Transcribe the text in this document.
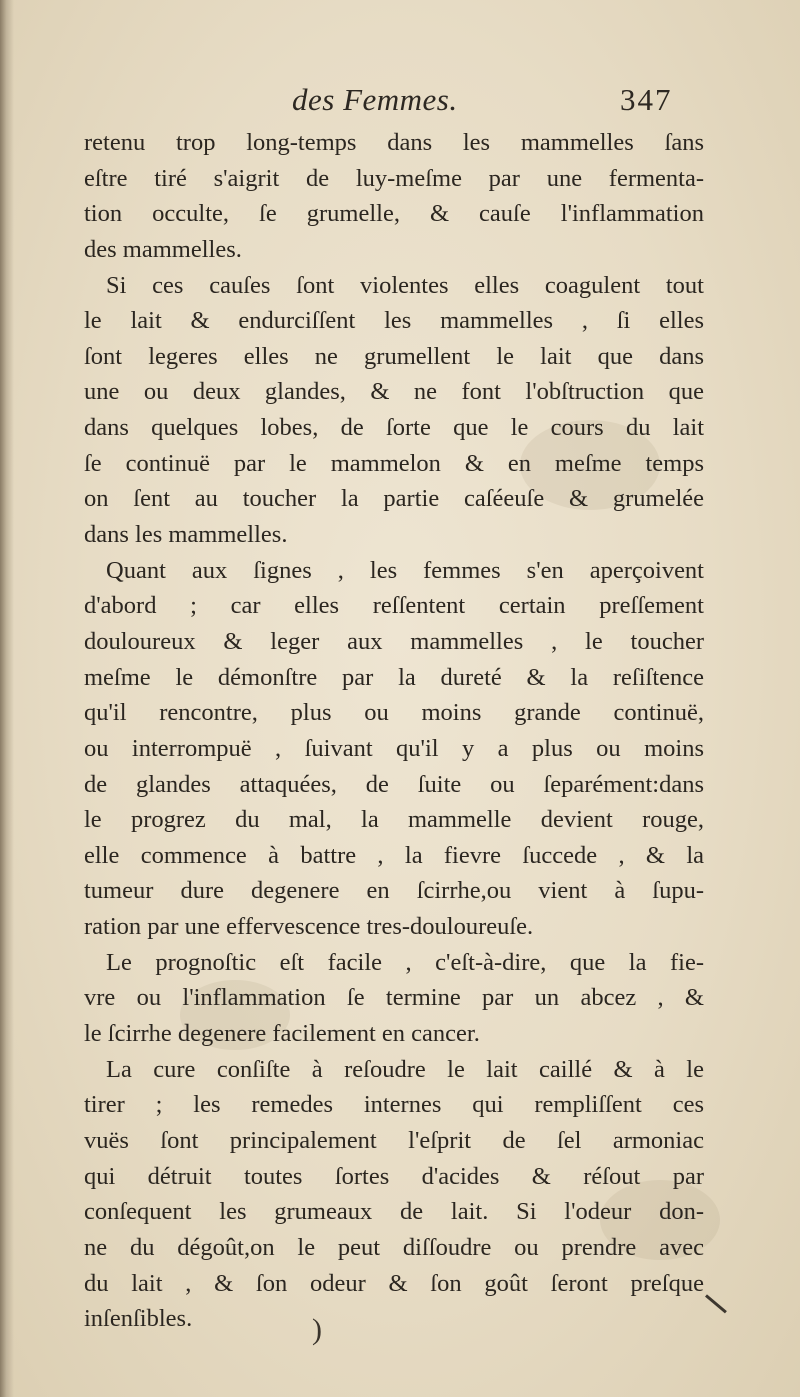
des Femmes.	347
retenu trop long-temps dans les mammelles ſans
eſtre tiré s'aigrit de luy-meſme par une fermenta-
tion occulte, ſe grumelle, & cauſe l'inflammation
des mammelles.
Si ces cauſes ſont violentes elles coagulent tout
le lait & endurciſſent les mammelles , ſi elles
ſont legeres elles ne grumellent le lait que dans
une ou deux glandes, & ne font l'obſtruction que
dans quelques lobes, de ſorte que le cours du lait
ſe continuë par le mammelon & en meſme temps
on ſent au toucher la partie caſéeuſe & grumelée
dans les mammelles.
Quant aux ſignes , les femmes s'en aperçoivent
d'abord ; car elles reſſentent certain preſſement
douloureux & leger aux mammelles , le toucher
meſme le démonſtre par la dureté & la reſiſtence
qu'il rencontre, plus ou moins grande continuë,
ou interrompuë , ſuivant qu'il y a plus ou moins
de glandes attaquées, de ſuite ou ſeparément:dans
le progrez du mal, la mammelle devient rouge,
elle commence à battre , la fievre ſuccede , & la
tumeur dure degenere en ſcirrhe,ou vient à ſupu-
ration par une effervescence tres-douloureuſe.
Le prognoſtic eſt facile , c'eſt-à-dire, que la fie-
vre ou l'inflammation ſe termine par un abcez , &
le ſcirrhe degenere facilement en cancer.
La cure conſiſte à reſoudre le lait caillé & à le
tirer ; les remedes internes qui rempliſſent ces
vuës ſont principalement l'eſprit de ſel armoniac
qui détruit toutes ſortes d'acides & réſout par
conſequent les grumeaux de lait. Si l'odeur don-
ne du dégoût,on le peut diſſoudre ou prendre avec
du lait , & ſon odeur & ſon goût ſeront preſque
inſenſibles.	)
